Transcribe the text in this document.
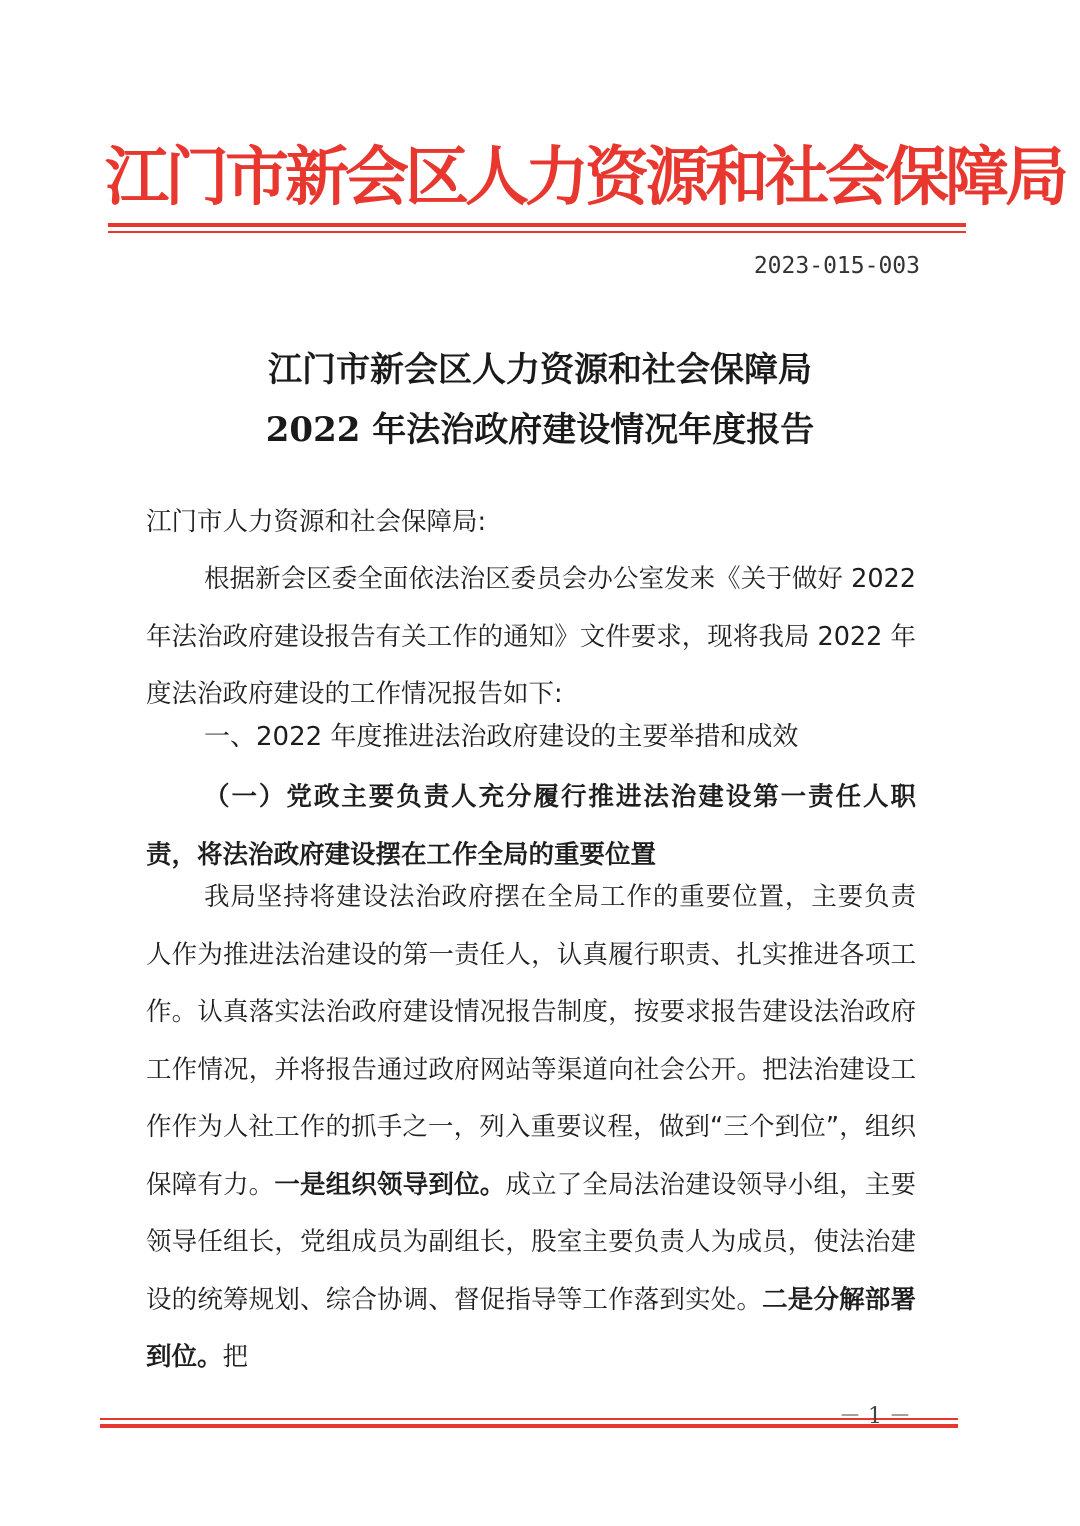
江门市新会区人力资源和社会保障局
2023-015-003
江门市新会区人力资源和社会保障局
2022 年法治政府建设情况年度报告
江门市人力资源和社会保障局:
根据新会区委全面依法治区委员会办公室发来《关于做好 2022 年法治政府建设报告有关工作的通知》文件要求，现将我局 2022 年度法治政府建设的工作情况报告如下:
一、2022 年度推进法治政府建设的主要举措和成效
（一）党政主要负责人充分履行推进法治建设第一责任人职责，将法治政府建设摆在工作全局的重要位置
我局坚持将建设法治政府摆在全局工作的重要位置，主要负责人作为推进法治建设的第一责任人，认真履行职责、扎实推进各项工作。认真落实法治政府建设情况报告制度，按要求报告建设法治政府工作情况，并将报告通过政府网站等渠道向社会公开。把法治建设工作作为人社工作的抓手之一，列入重要议程，做到“三个到位”，组织保障有力。一是组织领导到位。成立了全局法治建设领导小组，主要领导任组长，党组成员为副组长，股室主要负责人为成员，使法治建设的统筹规划、综合协调、督促指导等工作落到实处。二是分解部署到位。把
－ 1 －
